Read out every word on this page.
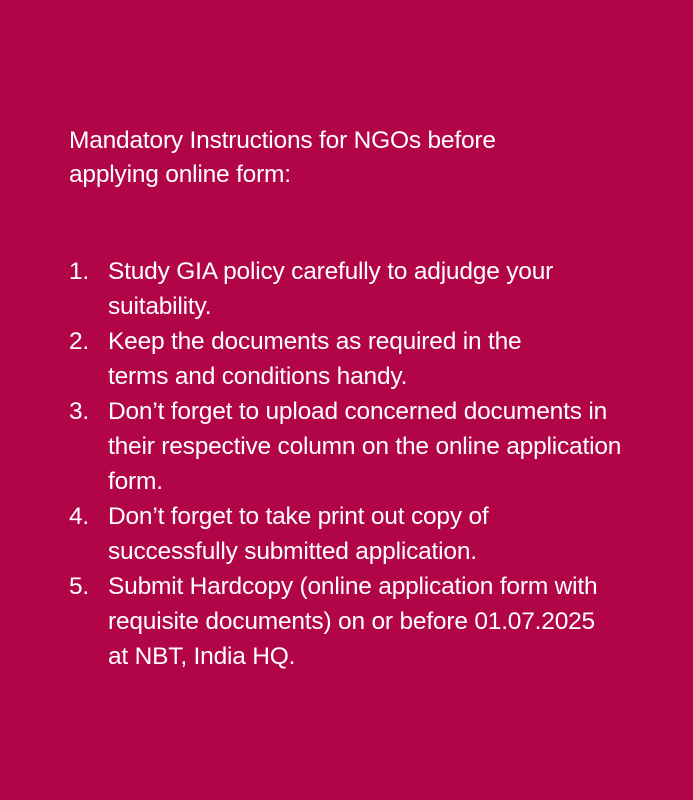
Mandatory Instructions for NGOs before
applying online form:
1. Study GIA policy carefully to adjudge your suitability.
2. Keep the documents as required in the terms and conditions handy.
3. Don’t forget to upload concerned documents in their respective column on the online application form.
4. Don’t forget to take print out copy of successfully submitted application.
5. Submit Hardcopy (online application form with requisite documents) on or before 01.07.2025 at NBT, India HQ.
